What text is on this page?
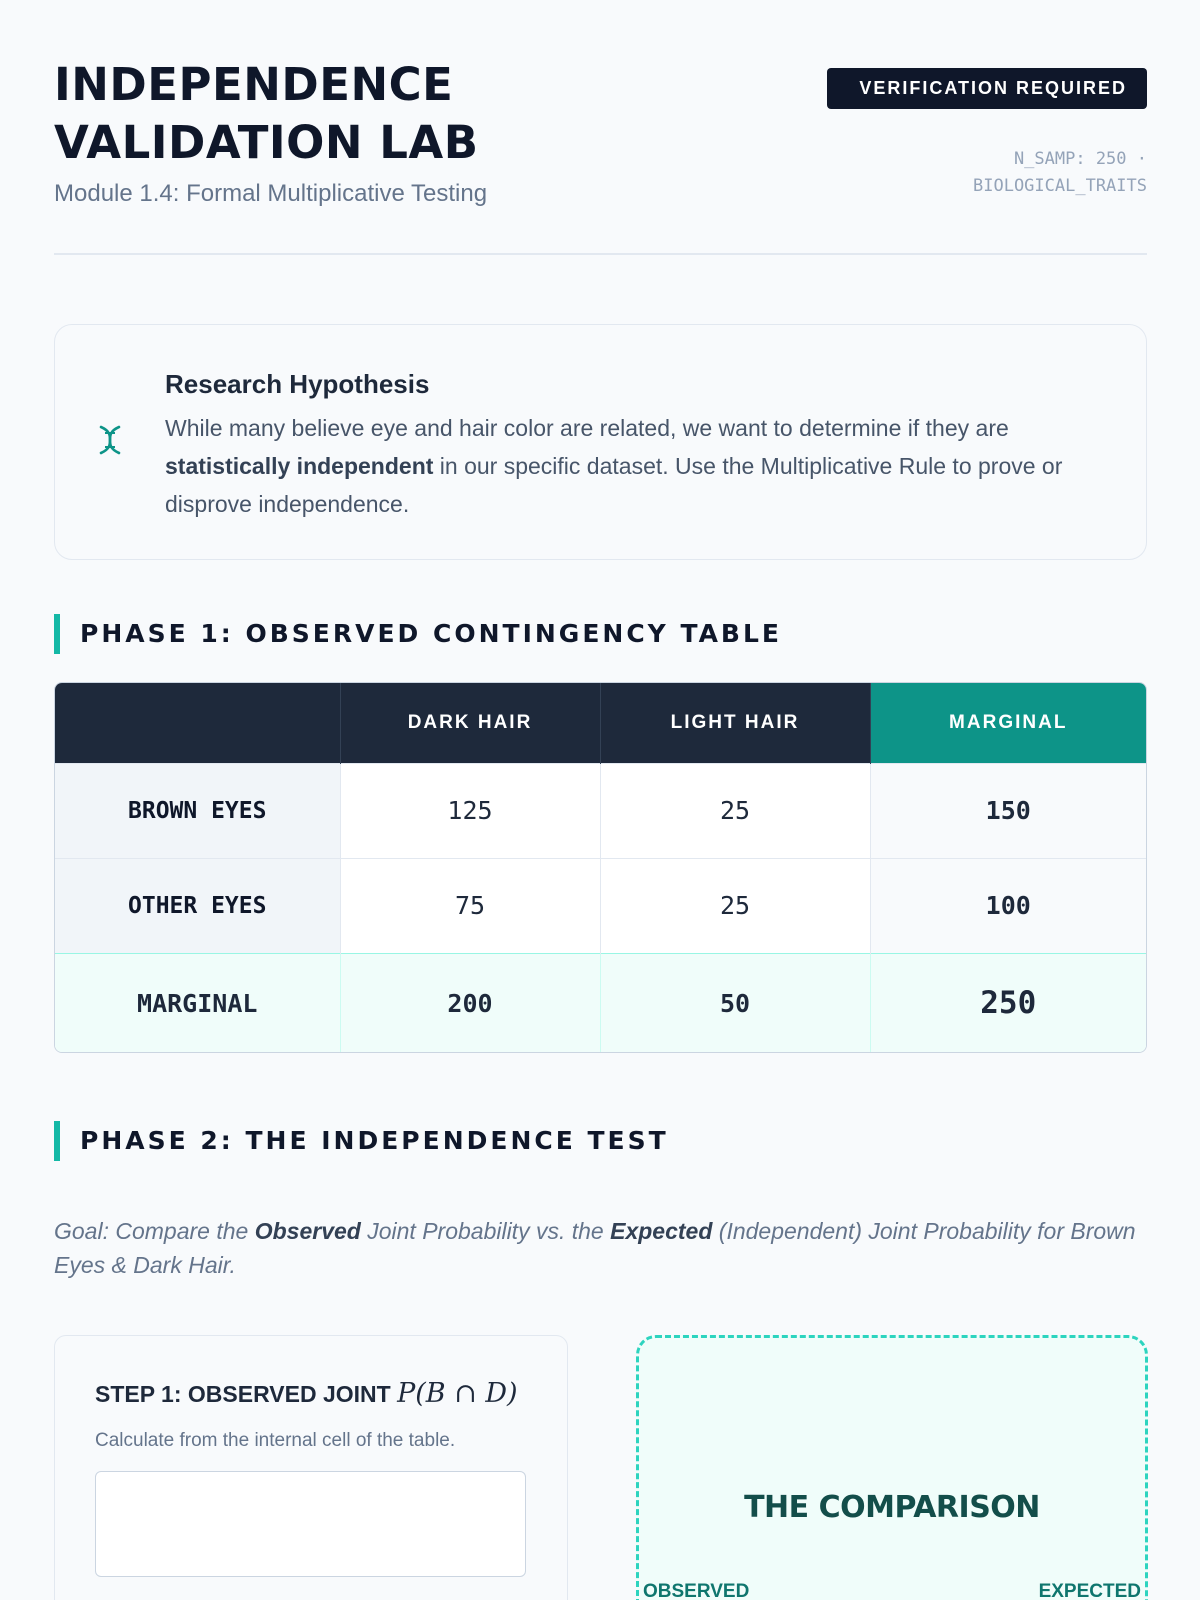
INDEPENDENCE
VALIDATION LAB
Module 1.4: Formal Multiplicative Testing
VERIFICATION REQUIRED
N_SAMP: 250 · BIOLOGICAL_TRAITS
Research Hypothesis
While many believe eye and hair color are related, we want to determine if they are statistically independent in our specific dataset. Use the Multiplicative Rule to prove or disprove independence.
PHASE 1: OBSERVED CONTINGENCY TABLE
	DARK HAIR	LIGHT HAIR	MARGINAL
BROWN EYES	125	25	150
OTHER EYES	75	25	100
MARGINAL	200	50	250
PHASE 2: THE INDEPENDENCE TEST
Goal: Compare the Observed Joint Probability vs. the Expected (Independent) Joint Probability for Brown Eyes & Dark Hair.
STEP 1: OBSERVED JOINT P(B ∩ D)
Calculate from the internal cell of the table.
THE COMPARISON
OBSERVED	EXPECTED
